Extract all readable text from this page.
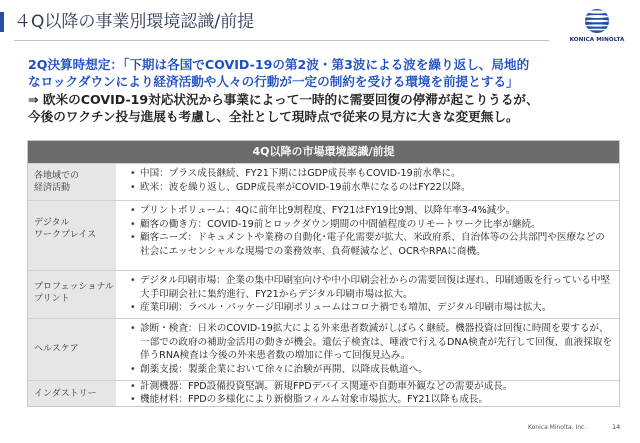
４Q以降の事業別環境認識/前提
KONICA MINOLTA
2Q決算時想定：「下期は各国でCOVID-19の第2波・第3波による波を繰り返し、局地的
なロックダウンにより経済活動や人々の行動が一定の制約を受ける環境を前提とする」
⇒ 欧米のCOVID-19対応状況から事業によって一時的に需要回復の停滞が起こりうるが、
今後のワクチン投与進展も考慮し、全社として現時点で従来の見方に大きな変更無し。
4Q以降の市場環境認識/前提
各地域での
経済活動
• 中国：プラス成長継続、FY21下期にはGDP成長率もCOVID-19前水準に。
• 欧米：波を繰り返し、GDP成長率がCOVID-19前水準になるのはFY22以降。
デジタル
ワークプレイス
• プリントボリューム：4Qに前年比9割程度、FY21はFY19比9割、以降年率3-4%減少。
• 顧客の働き方：COVID-19前とロックダウン期間の中間値程度のリモートワーク比率が継続。
• 顧客ニーズ：ドキュメントや業務の自動化･電子化需要が拡大、米政府系、自治体等の公共部門や医療などの社会にエッセンシャルな現場での業務效率、負荷軽減など、OCRやRPAに商機。
プロフェッショナル
プリント
• デジタル印刷市場：企業の集中印刷室向けや中小印刷会社からの需要回復は遅れ、印刷通販を行っている中堅大手印刷会社に集約進行、FY21からデジタル印刷市場は拡大。
• 産業印刷：ラベル・パッケージ印刷ボリュームはコロナ禍でも増加、デジタル印刷市場は拡大。
ヘルスケア
• 診断・検査：日米のCOVID-19拡大による外来患者数減がしばらく継続。機器投資は回復に時間を要するが、一部での政府の補助金活用の動きが機会。遺伝子検査は、唾液で行えるDNA検査が先行して回復、血液採取を伴うRNA検査は今後の外来患者数の増加に伴って回復見込み。
• 創薬支援：製薬企業において徐々に治験が再開、以降成長軌道へ。
インダストリー
• 計測機器：FPD設備投資堅調。新規FPDデバイス関連や自動車外観などの需要が成長。
• 機能材料：FPDの多様化により新樹脂フィルム対象市場拡大。FY21以降も成長。
Konica Minolta, Inc.	14
